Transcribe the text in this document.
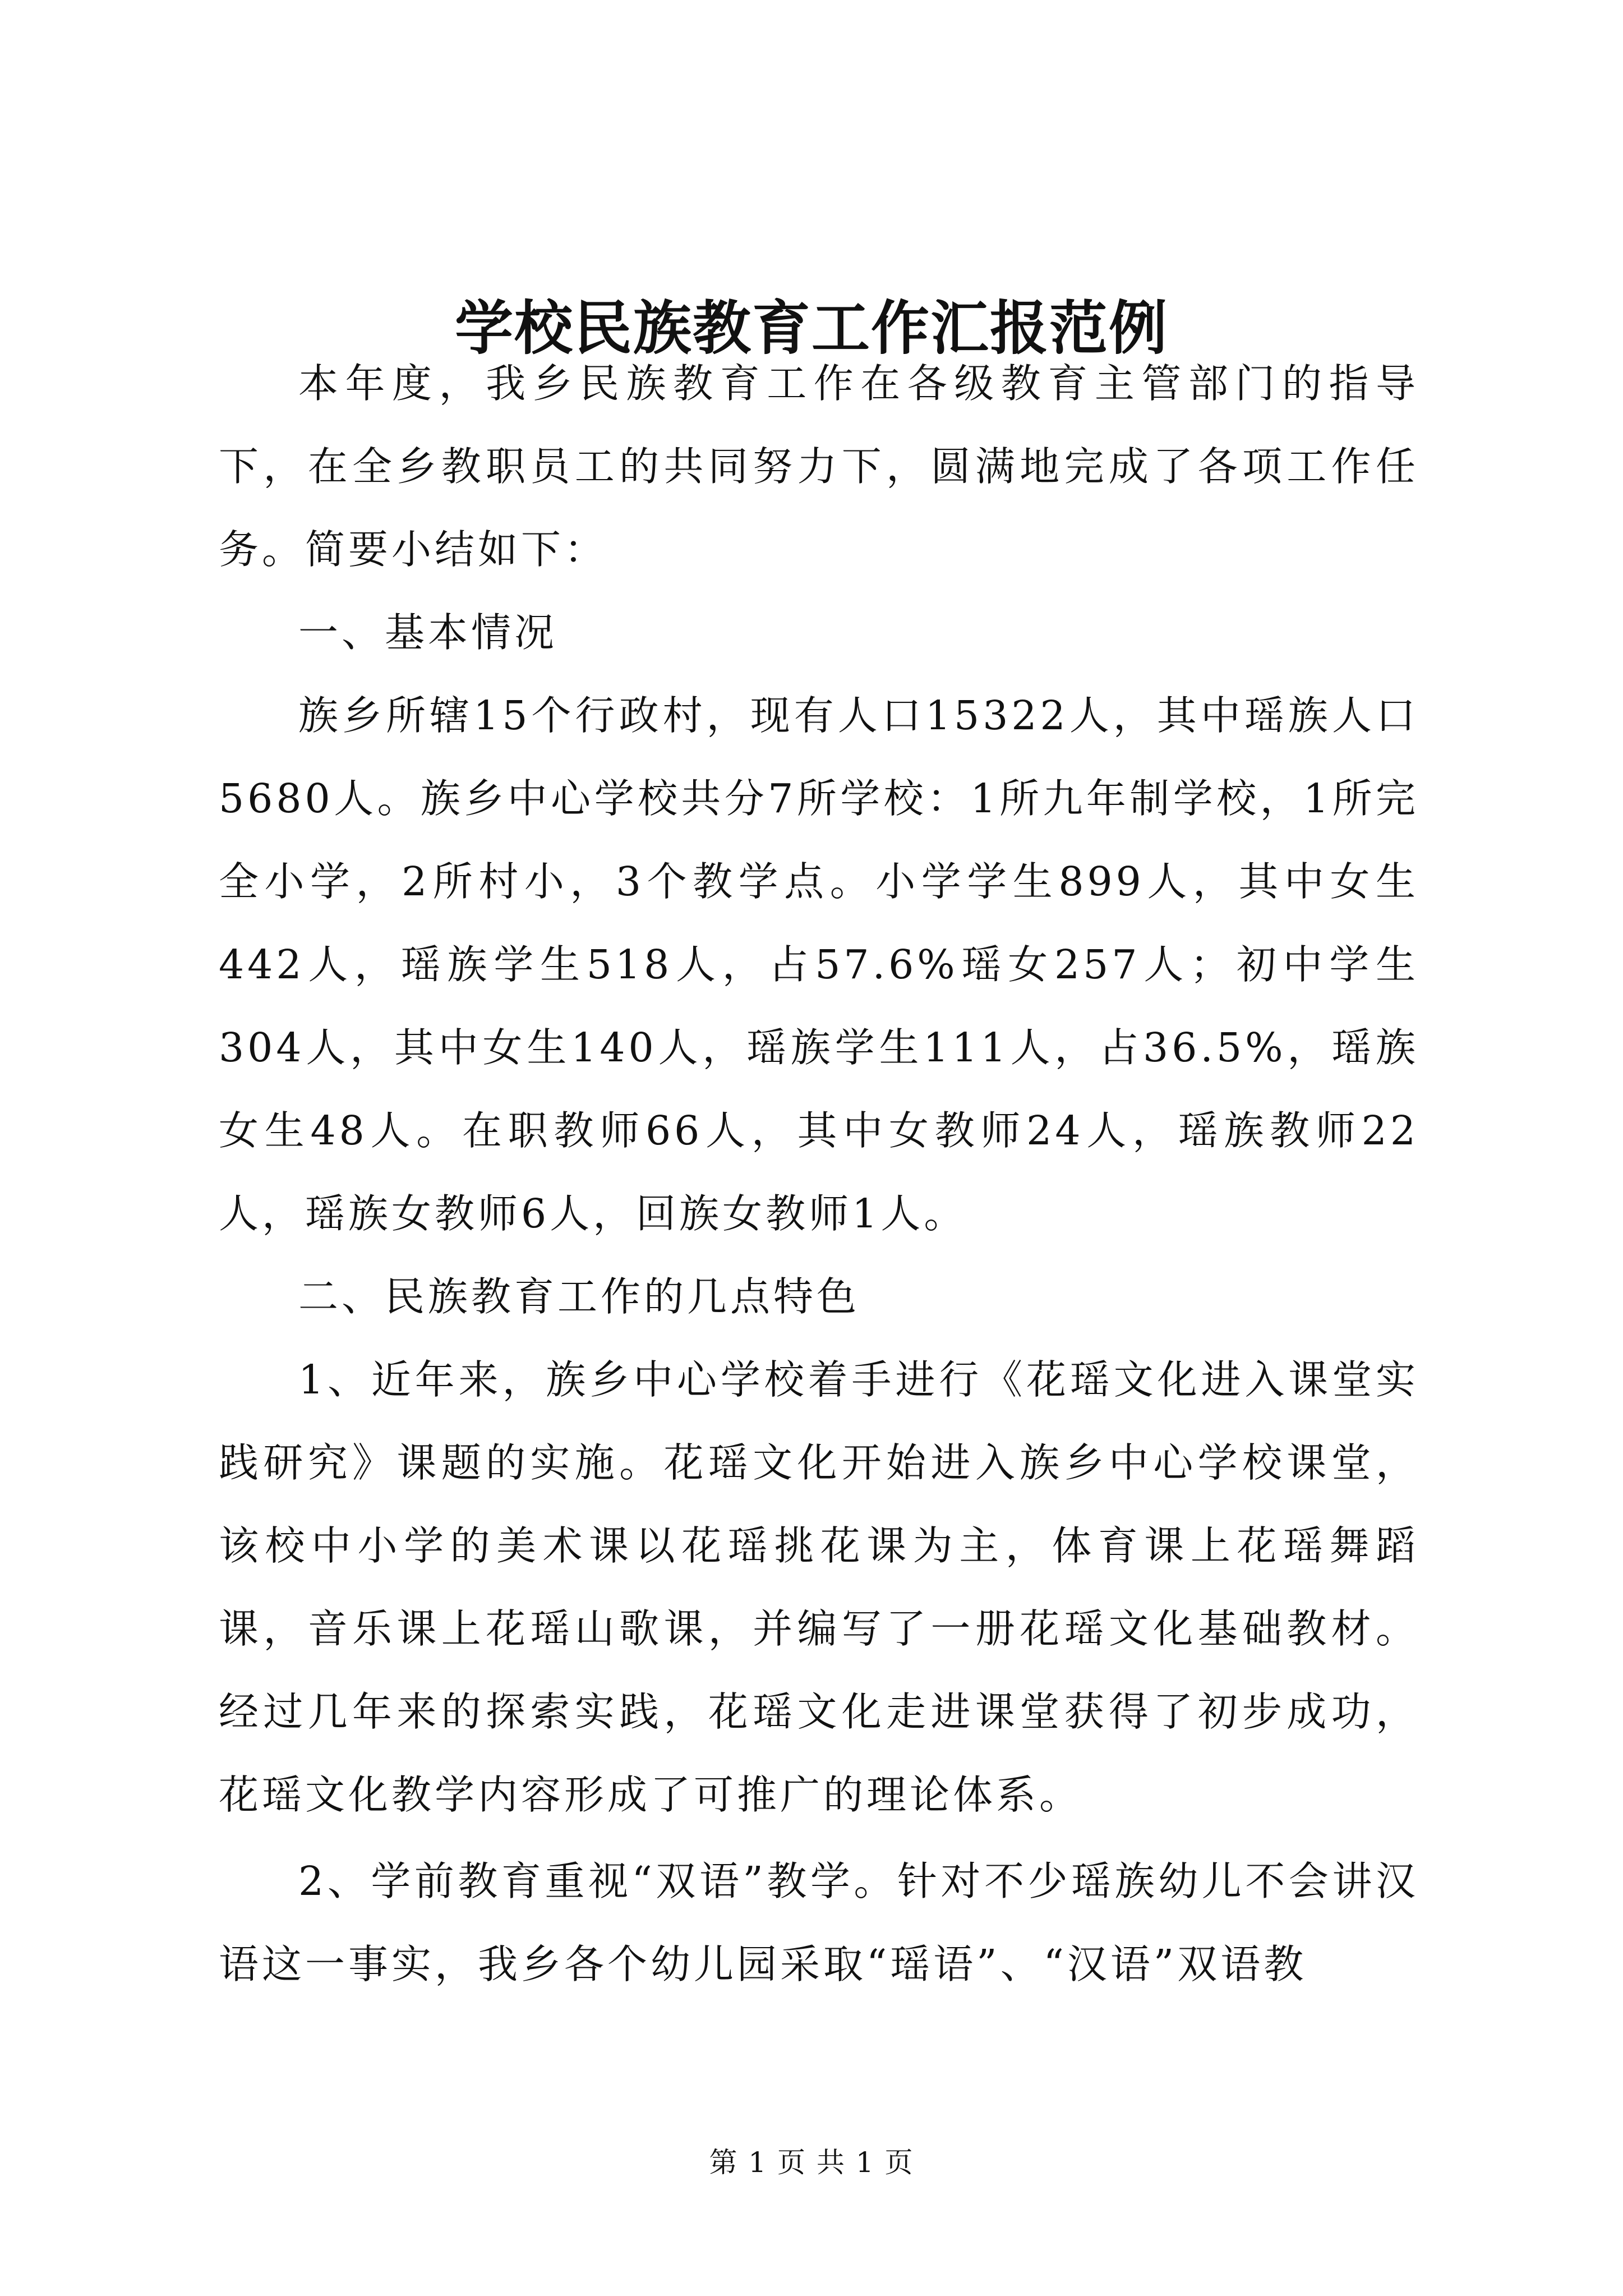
学校民族教育工作汇报范例

本年度，我乡民族教育工作在各级教育主管部门的指导下，在全乡教职员工的共同努力下，圆满地完成了各项工作任务。简要小结如下：

一、基本情况

族乡所辖15个行政村，现有人口15322人，其中瑶族人口5680人。族乡中心学校共分7所学校：1所九年制学校，1所完全小学，2所村小，3个教学点。小学学生899人，其中女生442人，瑶族学生518人，占57.6%瑶女257人；初中学生304人，其中女生140人，瑶族学生111人，占36.5%，瑶族女生48人。在职教师66人，其中女教师24人，瑶族教师22人，瑶族女教师6人，回族女教师1人。

二、民族教育工作的几点特色

1、近年来，族乡中心学校着手进行《花瑶文化进入课堂实践研究》课题的实施。花瑶文化开始进入族乡中心学校课堂，该校中小学的美术课以花瑶挑花课为主，体育课上花瑶舞蹈课，音乐课上花瑶山歌课，并编写了一册花瑶文化基础教材。经过几年来的探索实践，花瑶文化走进课堂获得了初步成功，花瑶文化教学内容形成了可推广的理论体系。

2、学前教育重视“双语”教学。针对不少瑶族幼儿不会讲汉语这一事实，我乡各个幼儿园采取“瑶语”、“汉语”双语教

第 1 页 共 1 页
